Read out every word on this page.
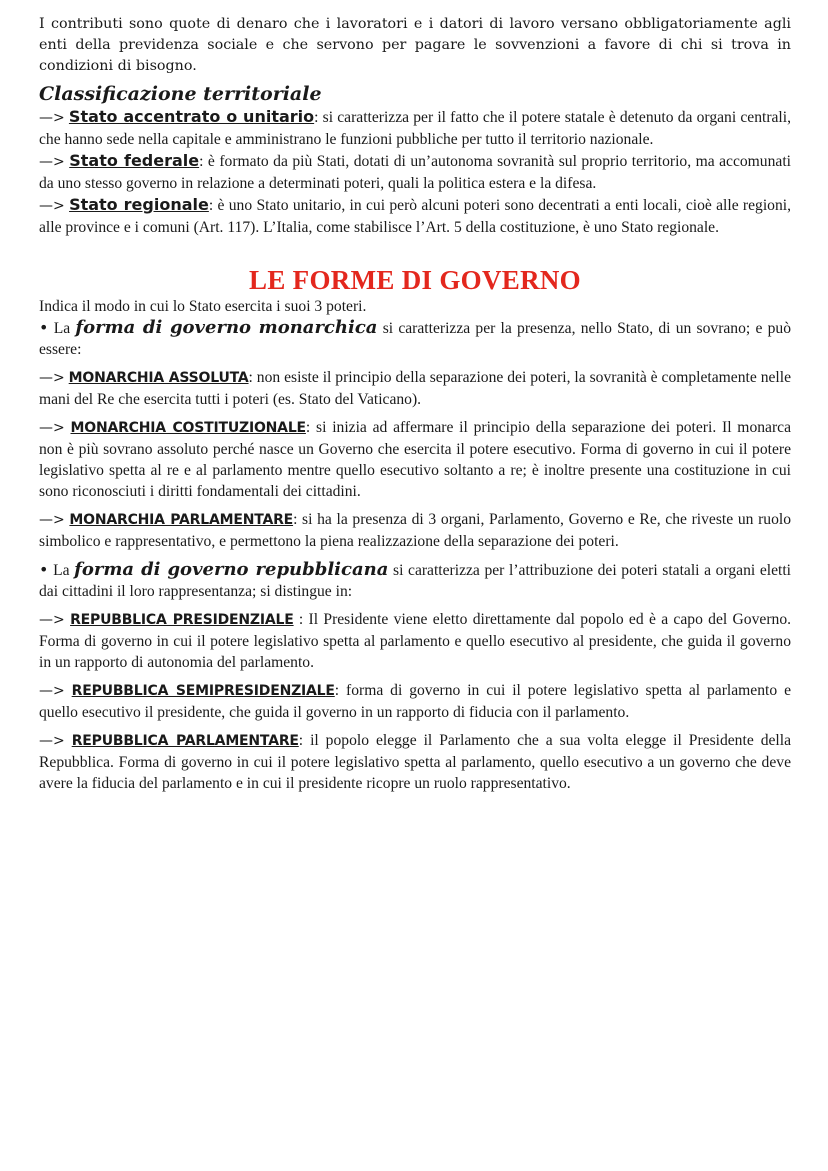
I contributi sono quote di denaro che i lavoratori e i datori di lavoro versano obbligatoriamente agli enti della previdenza sociale e che servono per pagare le sovvenzioni a favore di chi si trova in condizioni di bisogno.

Classificazione territoriale

—> Stato accentrato o unitario: si caratterizza per il fatto che il potere statale è detenuto da organi centrali, che hanno sede nella capitale e amministrano le funzioni pubbliche per tutto il territorio nazionale.

—> Stato federale: è formato da più Stati, dotati di un’autonoma sovranità sul proprio territorio, ma accomunati da uno stesso governo in relazione a determinati poteri, quali la politica estera e la difesa.

—> Stato regionale: è uno Stato unitario, in cui però alcuni poteri sono decentrati a enti locali, cioè alle regioni, alle province e i comuni (Art. 117). L’Italia, come stabilisce l’Art. 5 della costituzione, è uno Stato regionale.

LE FORME DI GOVERNO

Indica il modo in cui lo Stato esercita i suoi 3 poteri.

• La forma di governo monarchica si caratterizza per la presenza, nello Stato, di un sovrano; e può essere:

—> MONARCHIA ASSOLUTA: non esiste il principio della separazione dei poteri, la sovranità è completamente nelle mani del Re che esercita tutti i poteri (es. Stato del Vaticano).

—> MONARCHIA COSTITUZIONALE: si inizia ad affermare il principio della separazione dei poteri. Il monarca non è più sovrano assoluto perché nasce un Governo che esercita il potere esecutivo. Forma di governo in cui il potere legislativo spetta al re e al parlamento mentre quello esecutivo soltanto a re; è inoltre presente una costituzione in cui sono riconosciuti i diritti fondamentali dei cittadini.

—> MONARCHIA PARLAMENTARE: si ha la presenza di 3 organi, Parlamento, Governo e Re, che riveste un ruolo simbolico e rappresentativo, e permettono la piena realizzazione della separazione dei poteri.

• La forma di governo repubblicana si caratterizza per l’attribuzione dei poteri statali a organi eletti dai cittadini il loro rappresentanza; si distingue in:

—> REPUBBLICA PRESIDENZIALE : Il Presidente viene eletto direttamente dal popolo ed è a capo del Governo. Forma di governo in cui il potere legislativo spetta al parlamento e quello esecutivo al presidente, che guida il governo in un rapporto di autonomia del parlamento.

—> REPUBBLICA SEMIPRESIDENZIALE: forma di governo in cui il potere legislativo spetta al parlamento e quello esecutivo il presidente, che guida il governo in un rapporto di fiducia con il parlamento.

—> REPUBBLICA PARLAMENTARE: il popolo elegge il Parlamento che a sua volta elegge il Presidente della Repubblica. Forma di governo in cui il potere legislativo spetta al parlamento, quello esecutivo a un governo che deve avere la fiducia del parlamento e in cui il presidente ricopre un ruolo rappresentativo.
